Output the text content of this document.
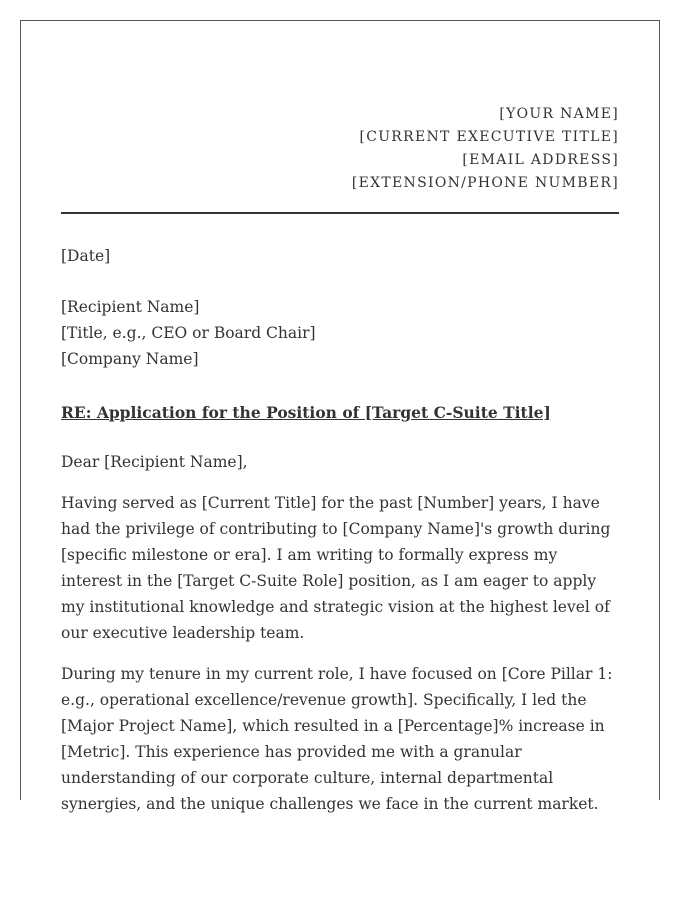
[YOUR NAME]
[CURRENT EXECUTIVE TITLE]
[EMAIL ADDRESS]
[EXTENSION/PHONE NUMBER]
[Date]
[Recipient Name]
[Title, e.g., CEO or Board Chair]
[Company Name]
RE: Application for the Position of [Target C-Suite Title]
Dear [Recipient Name],

Having served as [Current Title] for the past [Number] years, I have had the privilege of contributing to [Company Name]'s growth during [specific milestone or era]. I am writing to formally express my interest in the [Target C-Suite Role] position, as I am eager to apply my institutional knowledge and strategic vision at the highest level of our executive leadership team.

During my tenure in my current role, I have focused on [Core Pillar 1: e.g., operational excellence/revenue growth]. Specifically, I led the [Major Project Name], which resulted in a [Percentage]% increase in [Metric]. This experience has provided me with a granular understanding of our corporate culture, internal departmental synergies, and the unique challenges we face in the current market.
